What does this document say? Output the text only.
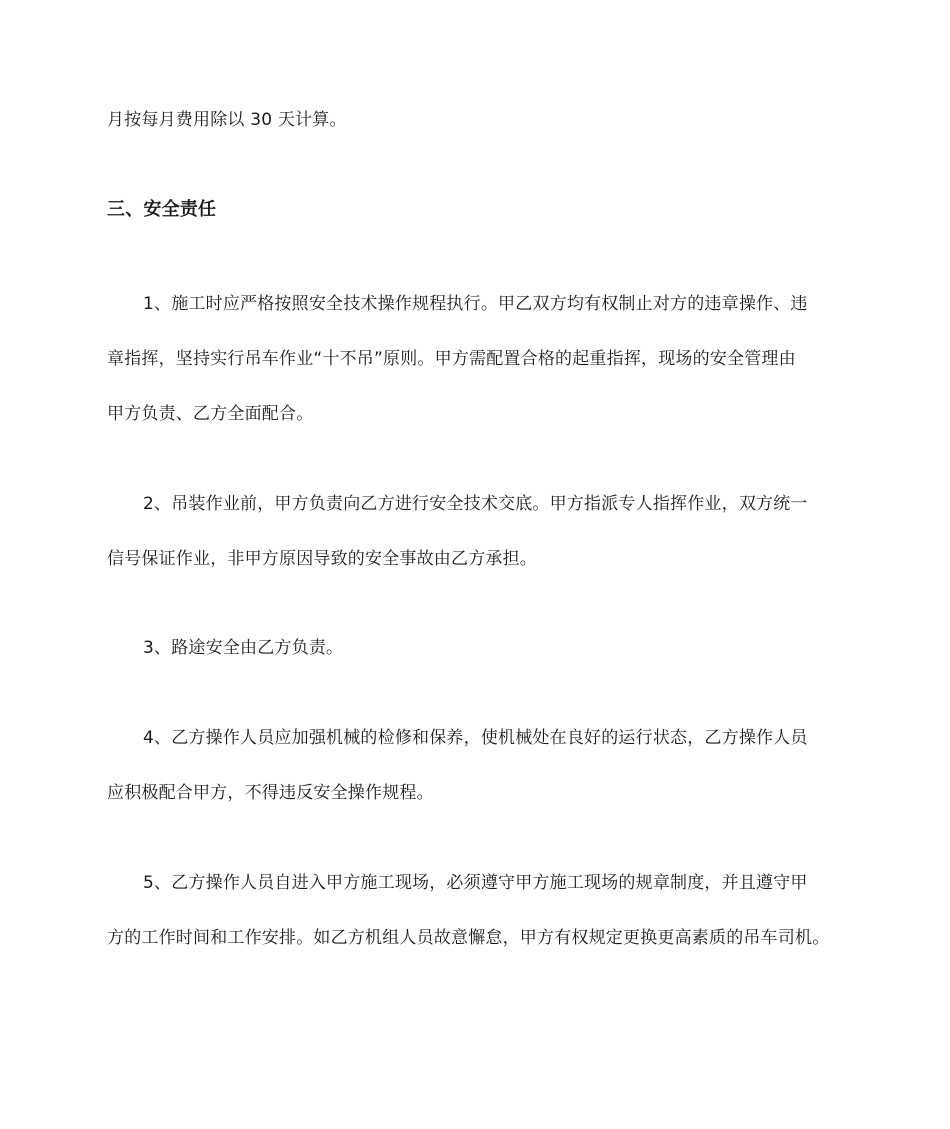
月按每月费用除以 30 天计算。
三、安全责任
1、施工时应严格按照安全技术操作规程执行。甲乙双方均有权制止对方的违章操作、违
章指挥，坚持实行吊车作业“十不吊”原则。甲方需配置合格的起重指挥，现场的安全管理由
甲方负责、乙方全面配合。
2、吊装作业前，甲方负责向乙方进行安全技术交底。甲方指派专人指挥作业，双方统一
信号保证作业，非甲方原因导致的安全事故由乙方承担。
3、路途安全由乙方负责。
4、乙方操作人员应加强机械的检修和保养，使机械处在良好的运行状态，乙方操作人员
应积极配合甲方，不得违反安全操作规程。
5、乙方操作人员自进入甲方施工现场，必须遵守甲方施工现场的规章制度，并且遵守甲
方的工作时间和工作安排。如乙方机组人员故意懈怠，甲方有权规定更换更高素质的吊车司机。
